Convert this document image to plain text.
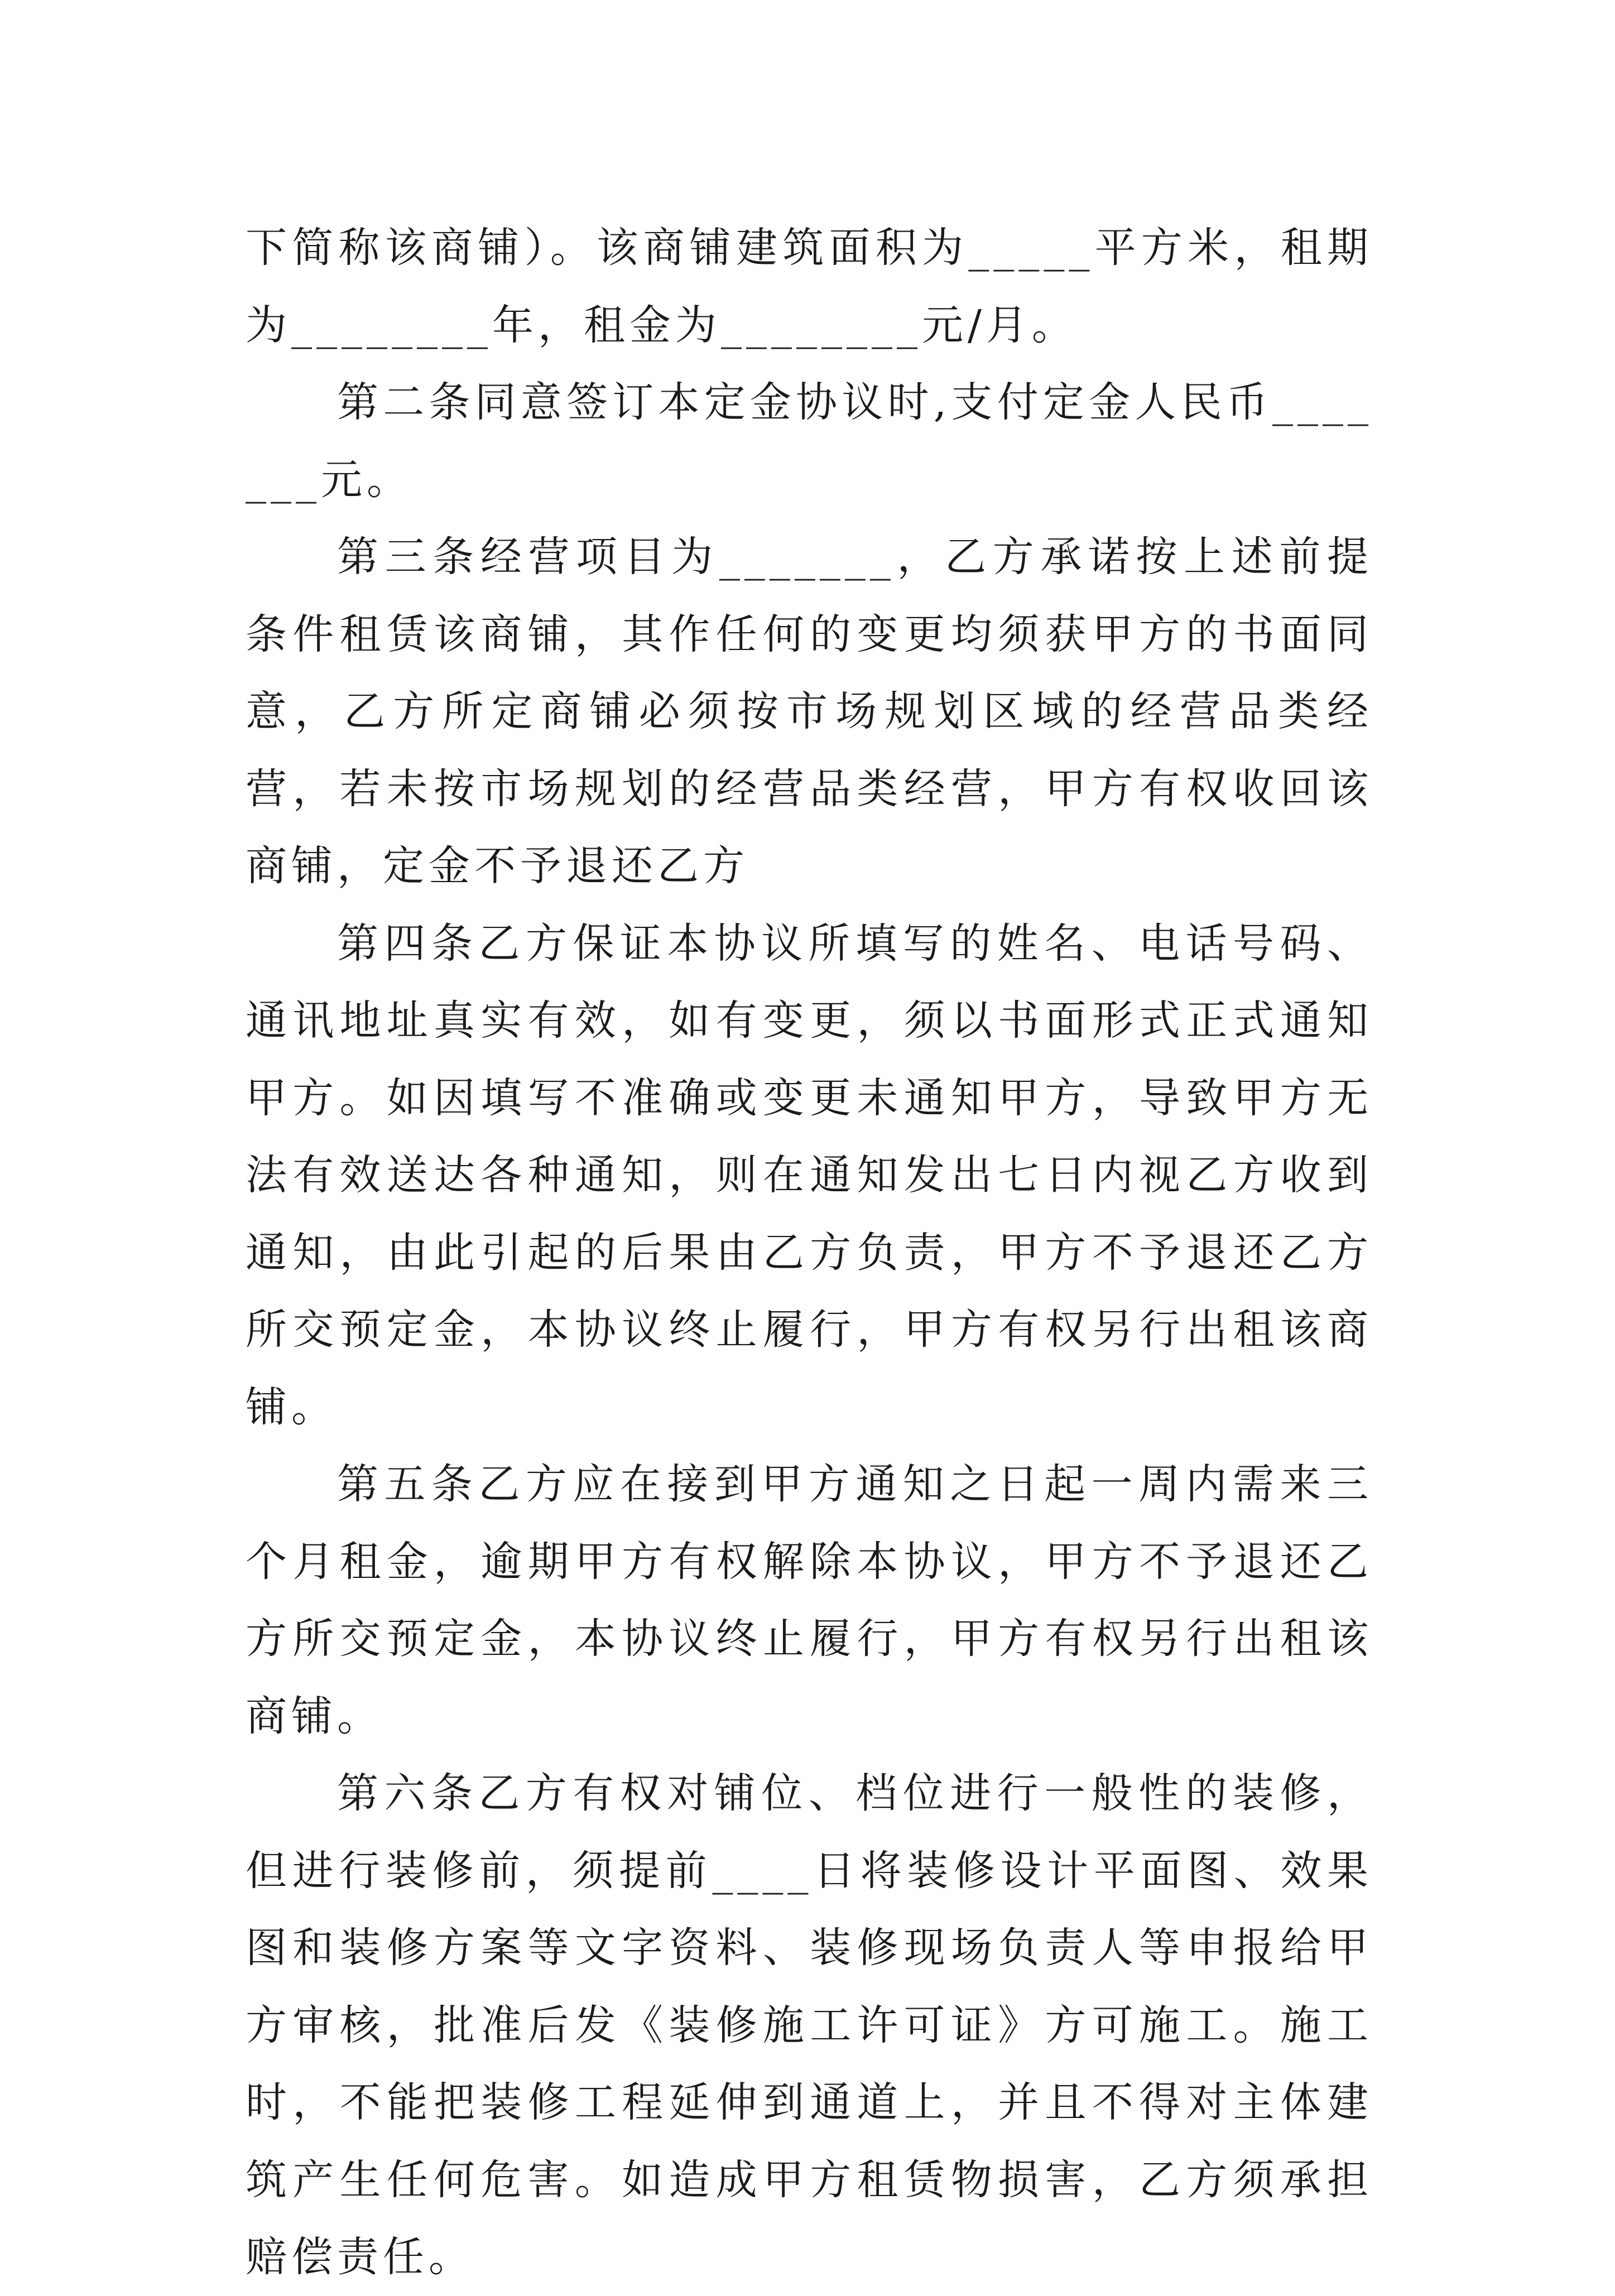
下简称该商铺）。该商铺建筑面积为_____平方米，租期为________年，租金为________元/月。

第二条同意签订本定金协议时,支付定金人民币_______元。

第三条经营项目为_______，乙方承诺按上述前提条件租赁该商铺，其作任何的变更均须获甲方的书面同意，乙方所定商铺必须按市场规划区域的经营品类经营，若未按市场规划的经营品类经营，甲方有权收回该商铺，定金不予退还乙方

第四条乙方保证本协议所填写的姓名、电话号码、通讯地址真实有效，如有变更，须以书面形式正式通知甲方。如因填写不准确或变更未通知甲方，导致甲方无法有效送达各种通知，则在通知发出七日内视乙方收到通知，由此引起的后果由乙方负责，甲方不予退还乙方所交预定金，本协议终止履行，甲方有权另行出租该商铺。

第五条乙方应在接到甲方通知之日起一周内需来三个月租金，逾期甲方有权解除本协议，甲方不予退还乙方所交预定金，本协议终止履行，甲方有权另行出租该商铺。

第六条乙方有权对铺位、档位进行一般性的装修，但进行装修前，须提前____日将装修设计平面图、效果图和装修方案等文字资料、装修现场负责人等申报给甲方审核，批准后发《装修施工许可证》方可施工。施工时，不能把装修工程延伸到通道上，并且不得对主体建筑产生任何危害。如造成甲方租赁物损害，乙方须承担赔偿责任。
